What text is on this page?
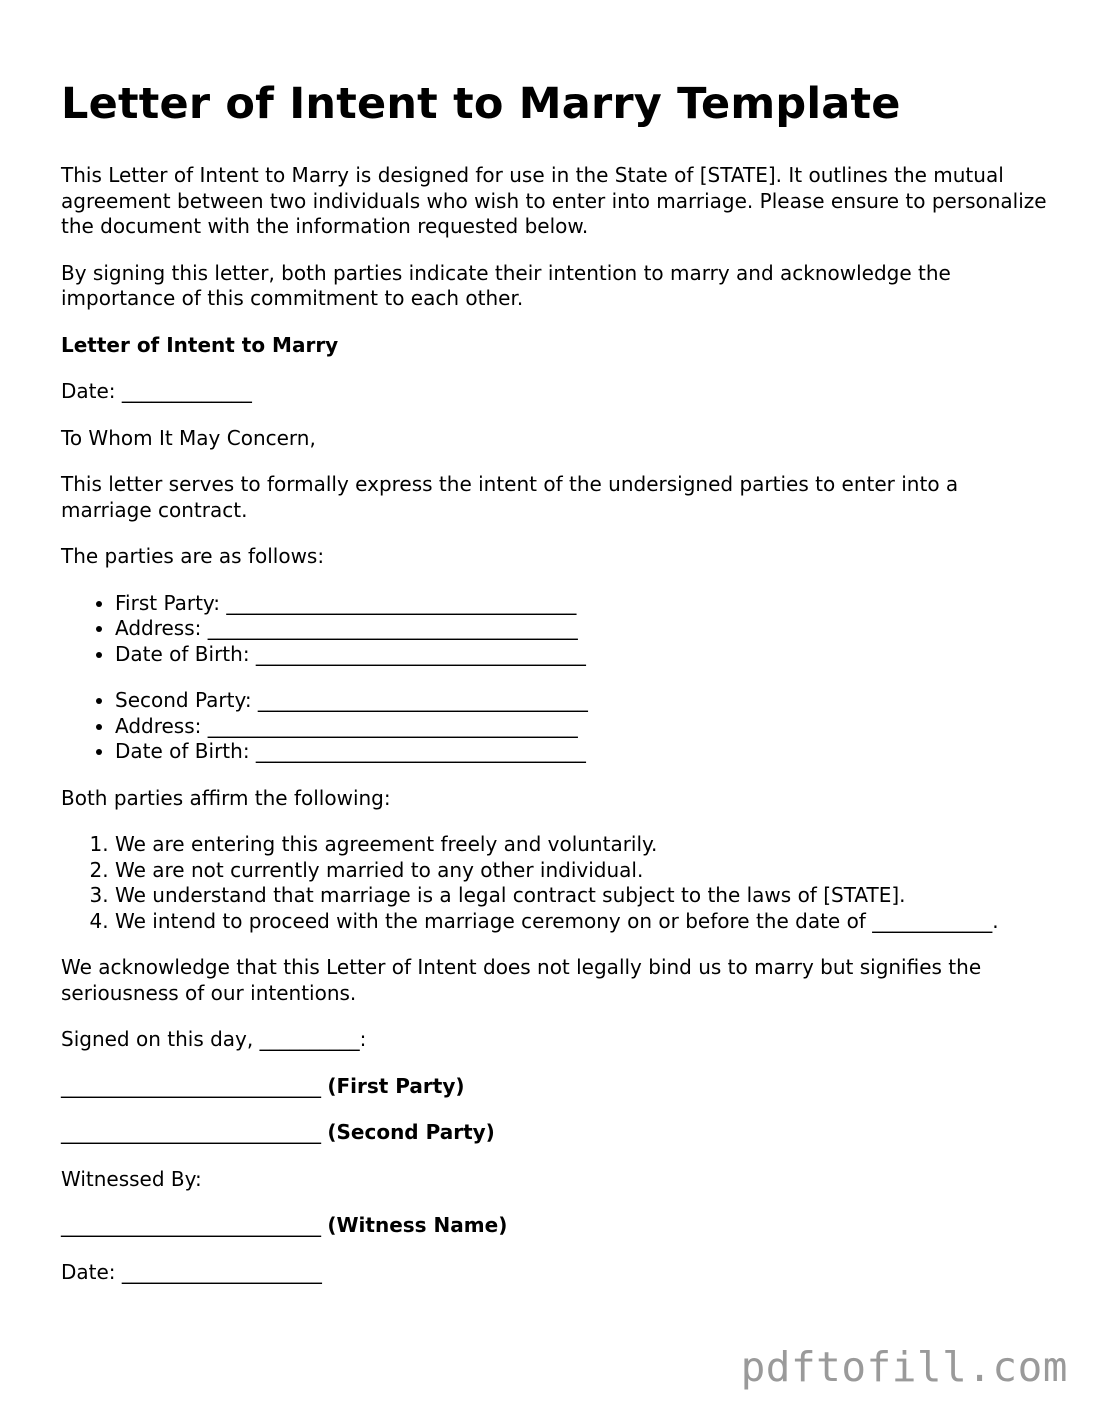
Letter of Intent to Marry Template

This Letter of Intent to Marry is designed for use in the State of [STATE]. It outlines the mutual agreement between two individuals who wish to enter into marriage. Please ensure to personalize the document with the information requested below.

By signing this letter, both parties indicate their intention to marry and acknowledge the importance of this commitment to each other.

Letter of Intent to Marry

Date: _____________

To Whom It May Concern,

This letter serves to formally express the intent of the undersigned parties to enter into a marriage contract.

The parties are as follows:

• First Party: ___________________________________
• Address: _____________________________________
• Date of Birth: _________________________________
• Second Party: _________________________________
• Address: _____________________________________
• Date of Birth: _________________________________

Both parties affirm the following:

1. We are entering this agreement freely and voluntarily.
2. We are not currently married to any other individual.
3. We understand that marriage is a legal contract subject to the laws of [STATE].
4. We intend to proceed with the marriage ceremony on or before the date of ____________.

We acknowledge that this Letter of Intent does not legally bind us to marry but signifies the seriousness of our intentions.

Signed on this day, __________:

__________________________ (First Party)

__________________________ (Second Party)

Witnessed By:

__________________________ (Witness Name)

Date: ____________________

pdftofill.com
